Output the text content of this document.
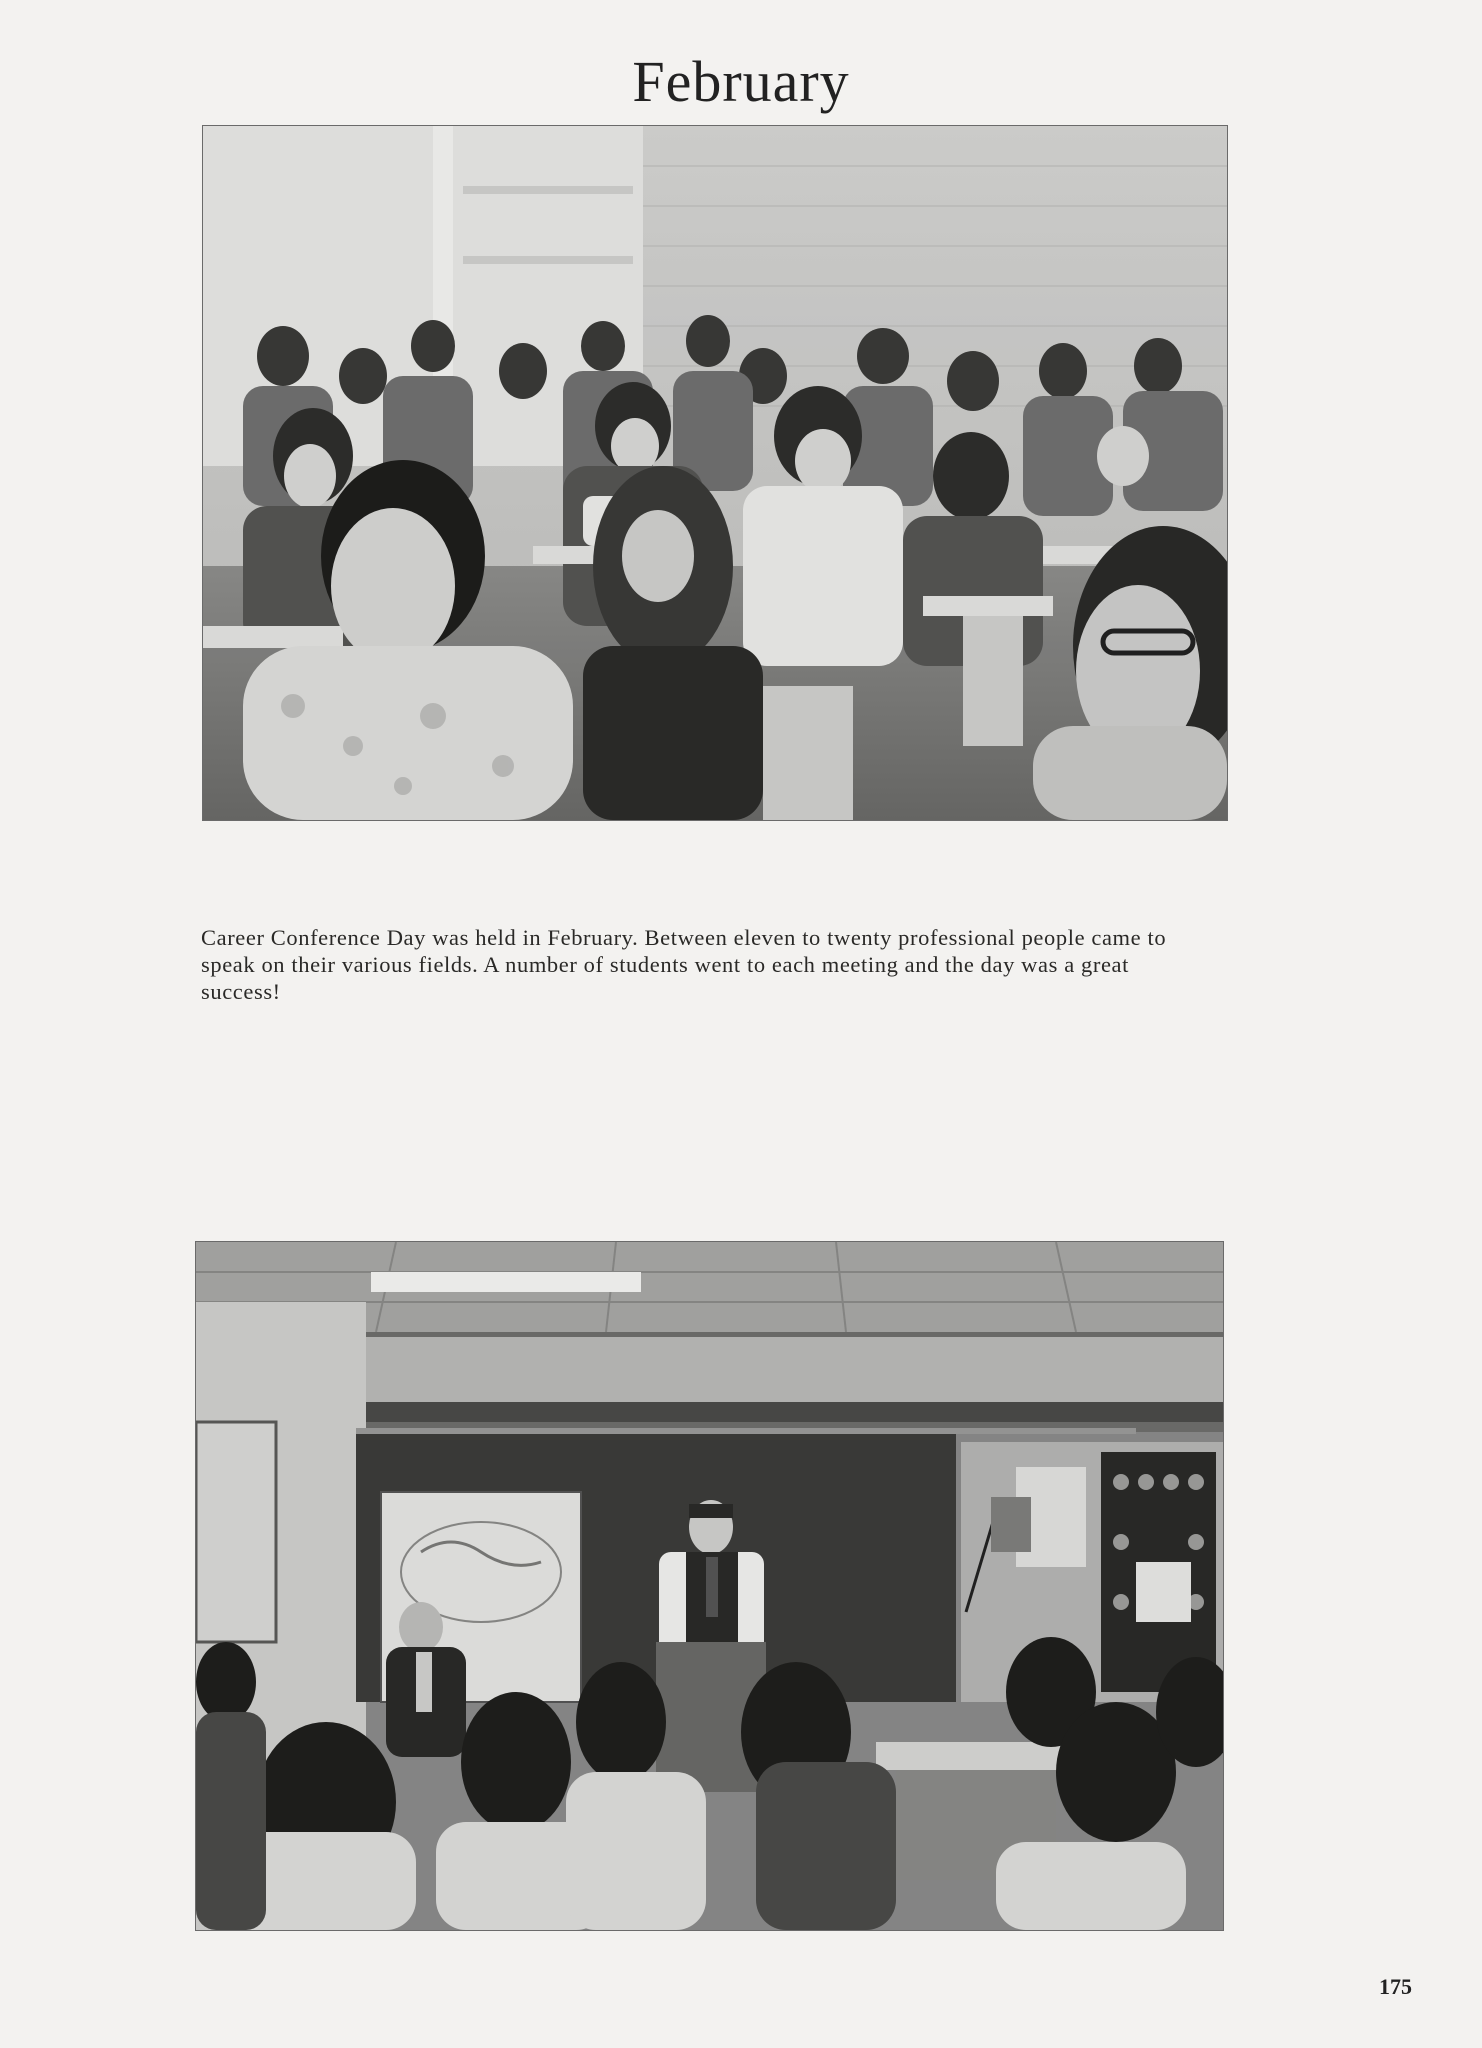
February

Career Conference Day was held in February. Between eleven to twenty professional people came to speak on their various fields. A number of students went to each meeting and the day was a great success!

175
